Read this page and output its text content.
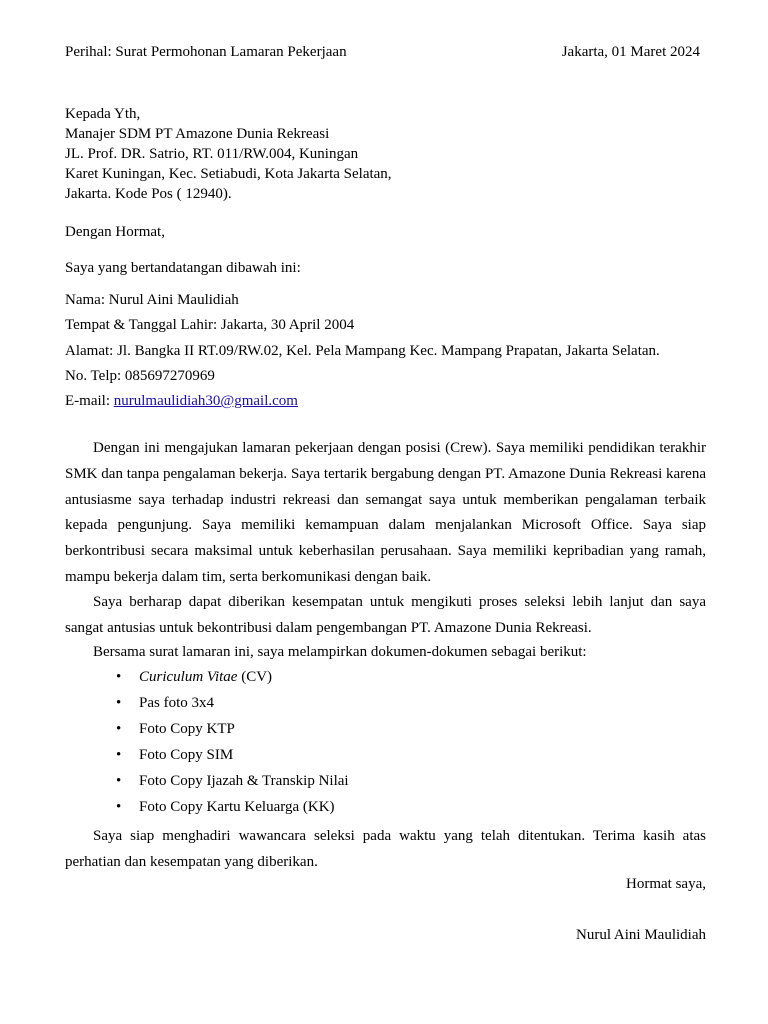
Perihal: Surat Permohonan Lamaran Pekerjaan	Jakarta, 01 Maret 2024
Kepada Yth,
Manajer SDM PT Amazone Dunia Rekreasi
JL. Prof. DR. Satrio, RT. 011/RW.004, Kuningan
Karet Kuningan, Kec. Setiabudi, Kota Jakarta Selatan,
Jakarta. Kode Pos ( 12940).
Dengan Hormat,
Saya yang bertandatangan dibawah ini:
Nama: Nurul Aini Maulidiah
Tempat & Tanggal Lahir: Jakarta, 30 April 2004
Alamat: Jl. Bangka II RT.09/RW.02, Kel. Pela Mampang Kec. Mampang Prapatan, Jakarta Selatan.
No. Telp: 085697270969
E-mail: nurulmaulidiah30@gmail.com
Dengan ini mengajukan lamaran pekerjaan dengan posisi (Crew). Saya memiliki pendidikan terakhir SMK dan tanpa pengalaman bekerja. Saya tertarik bergabung dengan PT. Amazone Dunia Rekreasi karena antusiasme saya terhadap industri rekreasi dan semangat saya untuk memberikan pengalaman terbaik kepada pengunjung. Saya memiliki kemampuan dalam menjalankan Microsoft Office. Saya siap berkontribusi secara maksimal untuk keberhasilan perusahaan. Saya memiliki kepribadian yang ramah, mampu bekerja dalam tim, serta berkomunikasi dengan baik.
Saya berharap dapat diberikan kesempatan untuk mengikuti proses seleksi lebih lanjut dan saya sangat antusias untuk bekontribusi dalam pengembangan PT. Amazone Dunia Rekreasi.
Bersama surat lamaran ini, saya melampirkan dokumen-dokumen sebagai berikut:
• Curiculum Vitae (CV)
• Pas foto 3x4
• Foto Copy KTP
• Foto Copy SIM
• Foto Copy Ijazah & Transkip Nilai
• Foto Copy Kartu Keluarga (KK)
Saya siap menghadiri wawancara seleksi pada waktu yang telah ditentukan. Terima kasih atas perhatian dan kesempatan yang diberikan.
Hormat saya,
Nurul Aini Maulidiah
